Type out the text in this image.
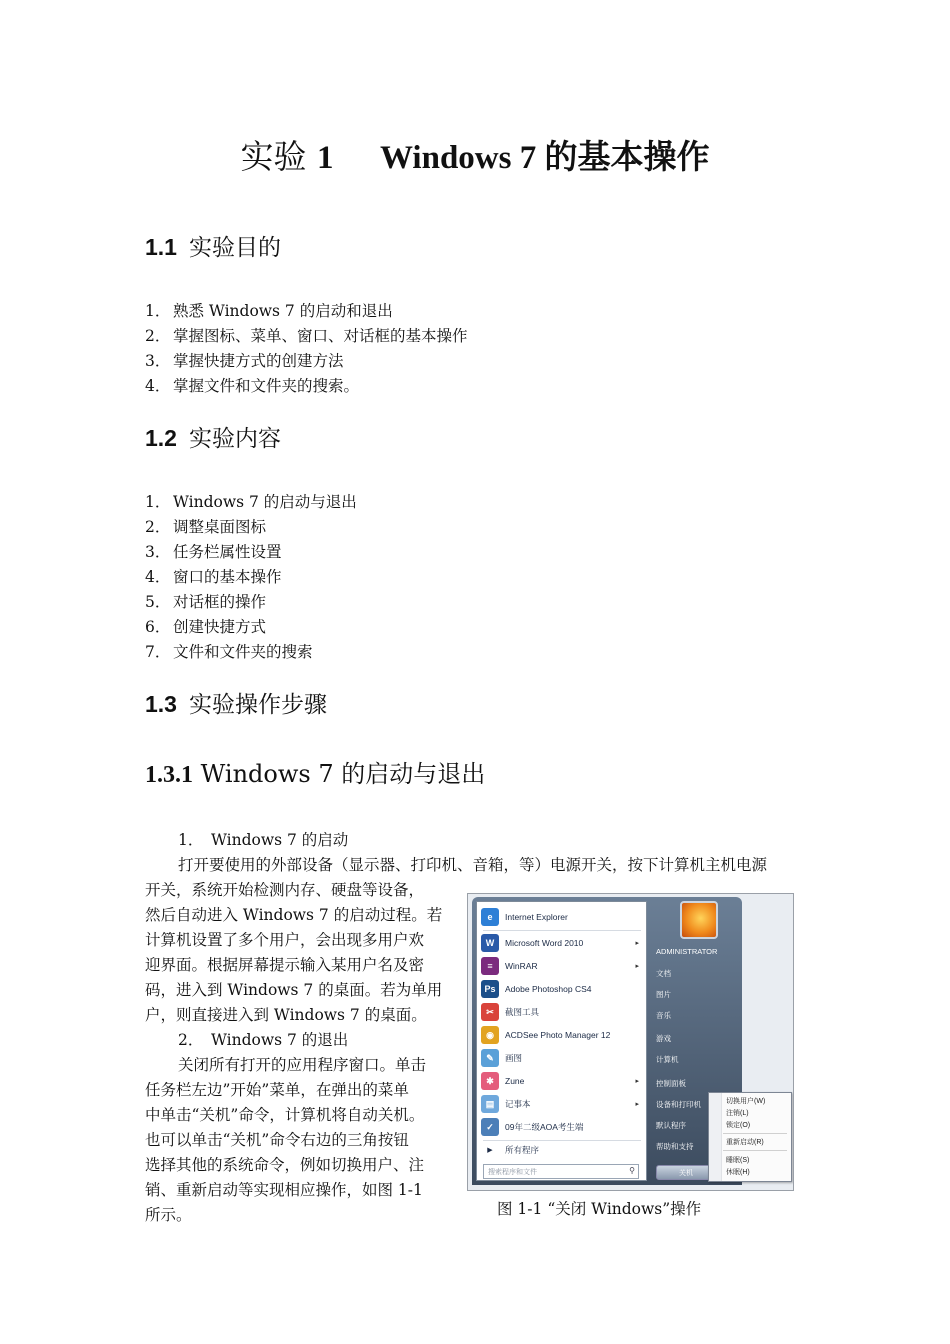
实验 1 Windows 7 的基本操作
1.1 实验目的
1． 熟悉 Windows 7 的启动和退出
2． 掌握图标、菜单、窗口、对话框的基本操作
3． 掌握快捷方式的创建方法
4． 掌握文件和文件夹的搜索。
1.2 实验内容
1． Windows 7 的启动与退出
2． 调整桌面图标
3． 任务栏属性设置
4． 窗口的基本操作
5． 对话框的操作
6． 创建快捷方式
7． 文件和文件夹的搜索
1.3 实验操作步骤
1.3.1 Windows 7 的启动与退出
1． Windows 7 的启动
打开要使用的外部设备（显示器、打印机、音箱，等）电源开关，按下计算机主机电源
开关，系统开始检测内存、硬盘等设备，
然后自动进入 Windows 7 的启动过程。若
计算机设置了多个用户，会出现多用户欢
迎界面。根据屏幕提示输入某用户名及密
码，进入到 Windows 7 的桌面。若为单用
户，则直接进入到 Windows 7 的桌面。
2． Windows 7 的退出
关闭所有打开的应用程序窗口。单击
任务栏左边”开始”菜单，在弹出的菜单
中单击“关机”命令，计算机将自动关机。
也可以单击“关机”命令右边的三角按钮
选择其他的系统命令，例如切换用户、注
销、重新启动等实现相应操作，如图 1-1
所示。
e	Internet Explorer
W	Microsoft Word 2010	▸
≡	WinRAR	▸
Ps	Adobe Photoshop CS4
✂	截图工具
◉	ACDSee Photo Manager 12
✎	画图
✱	Zune	▸
▤	记事本	▸
✓	09年二级AOA考生端
▶	所有程序
搜索程序和文件	⚲
ADMINISTRATOR
文档
图片
音乐
游戏
计算机
控制面板
设备和打印机
默认程序
帮助和支持
关机
切换用户(W)
注销(L)
锁定(O)
重新启动(R)
睡眠(S)
休眠(H)
图 1-1 “关闭 Windows”操作
